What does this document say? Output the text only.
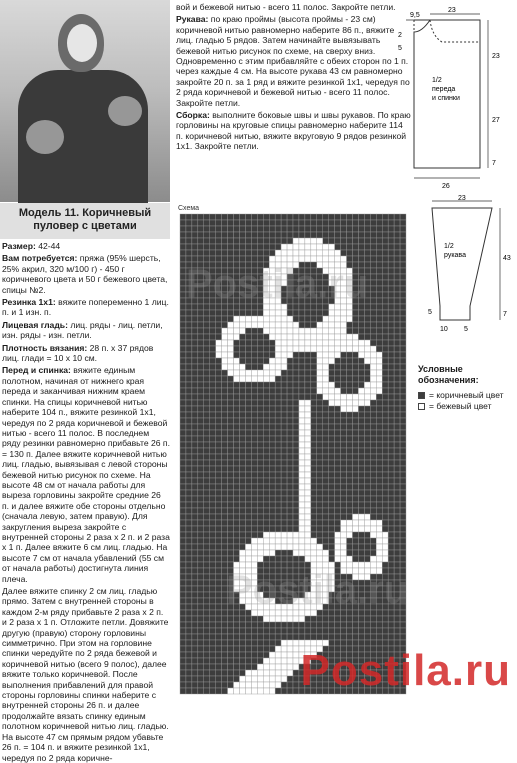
Модель 11. Коричневый
пуловер с цветами

Размер: 42-44

Вам потребуется: пряжа (95% шерсть, 25% акрил, 320 м/100 г) - 450 г коричневого цвета и 50 г бежевого цвета, спицы №2.

Резинка 1х1: вяжите попеременно 1 лиц. п. и 1 изн. п.

Лицевая гладь: лиц. ряды - лиц. петли, изн. ряды - изн. петли.

Плотность вязания: 28 п. х 37 рядов лиц. глади = 10 х 10 см.

Перед и спинка: вяжите единым полотном, начиная от нижнего края переда и заканчивая нижним краем спинки. На спицы коричневой нитью наберите 104 п., вяжите резинкой 1х1, чередуя по 2 ряда коричневой и бежевой нитью - всего 11 полос. В последнем ряду резинки равномерно прибавьте 26 п. = 130 п. Далее вяжите коричневой нитью лиц. гладью, вывязывая с левой стороны бежевой нитью рисунок по схеме. На высоте 48 см от начала работы для выреза горловины закройте средние 26 п. и далее вяжите обе стороны отдельно (сначала левую, затем правую). Для закругления выреза закройте с внутренней стороны 2 раза х 2 п. и 2 раза х 1 п. Далее вяжите 6 см лиц. гладью. На высоте 7 см от начала убавлений (55 см от начала работы) достигнута линия плеча.

Далее вяжите спинку 2 см лиц. гладью прямо. Затем с внутренней стороны в каждом 2-м ряду прибавьте 2 раза х 2 п. и 2 раза х 1 п. Отложите петли. Довяжите другую (правую) сторону горловины симметрично. При этом на горловине спинки чередуйте по 2 ряда бежевой и коричневой нитью (всего 9 полос), далее вяжите только коричневой. После выполнения прибавлений для правой стороны горловины спинки наберите с внутренней стороны 26 п. и далее продолжайте вязать спинку единым полотном коричневой нитью лиц. гладью. На высоте 47 см прямым рядом убавьте 26 п. = 104 п. и вяжите резинкой 1х1, чередуя по 2 ряда коричне-

вой и бежевой нитью - всего 11 полос. Закройте петли.

Рукава: по краю проймы (высота проймы - 23 см) коричневой нитью равномерно наберите 86 п., вяжите лиц. гладью 5 рядов. Затем начинайте вывязывать бежевой нитью рисунок по схеме, на сверху вниз. Одновременно с этим прибавляйте с обеих сторон по 1 п. через каждые 4 см. На высоте рукава 43 см равномерно закройте 20 п. за 1 ряд и вяжите резинкой 1х1, чередуя по 2 ряда коричневой и бежевой нитью - всего 11 полос. Закройте петли.

Сборка: выполните боковые швы и швы рукавов. По краю горловины на круговые спицы равномерно наберите 114 п. коричневой нитью, вяжите вкруговую 9 рядов резинкой 1х1. Закройте петли.

9,5
23
2
5
23
27
7
26
1/2
переда
и спинки
23
1/2
рукава	43
7
5
10 5
Схема
Условные
обозначения:
= коричневый цвет
= бежевый цвет
Postila.ru
Postila.ru
Postila.ru
